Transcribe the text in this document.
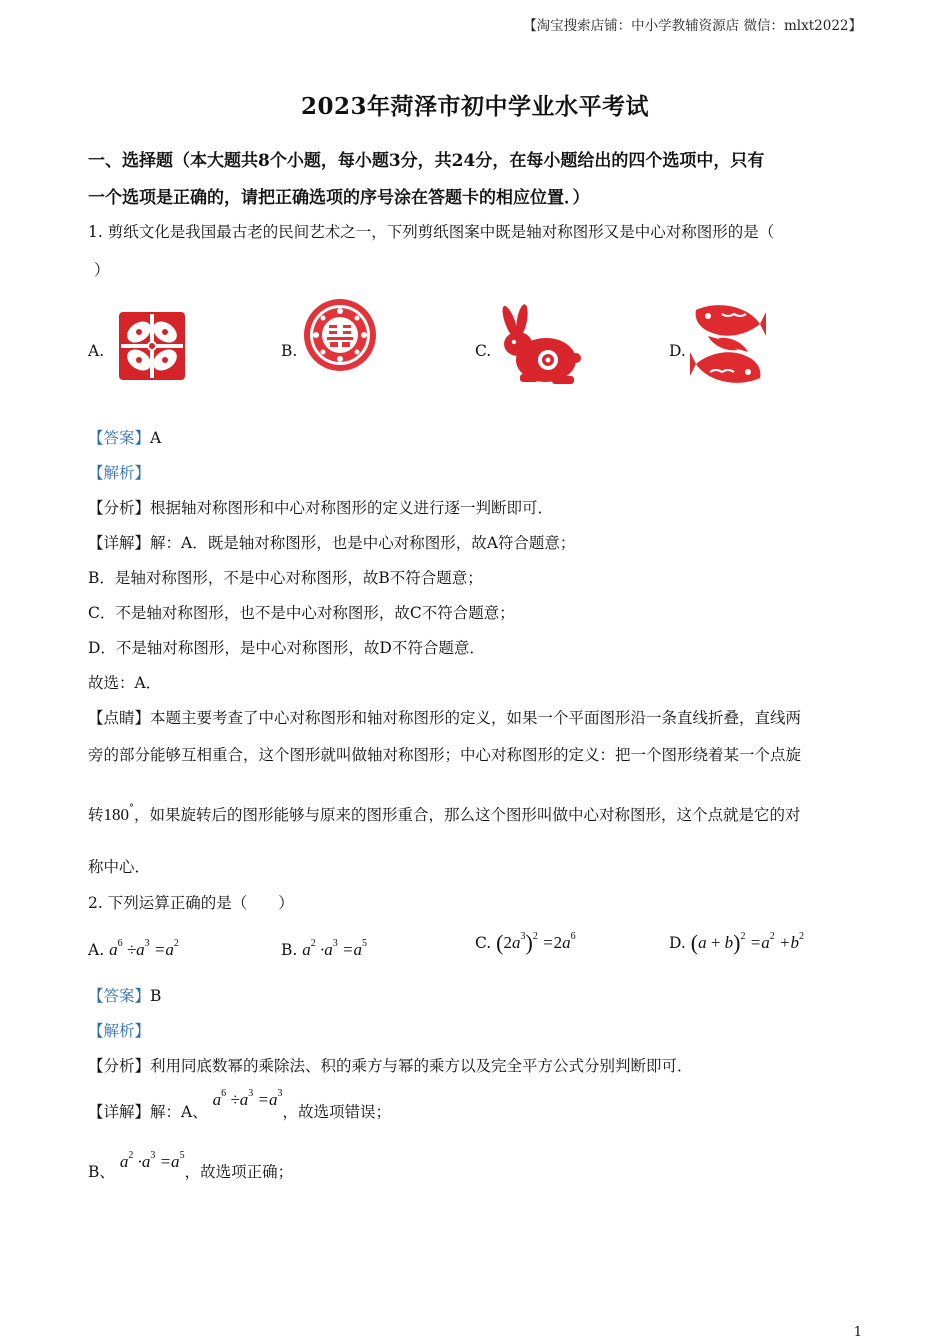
【淘宝搜索店铺：中小学教辅资源店 微信：mlxt2022】
2023年菏泽市初中学业水平考试
一、选择题（本大题共8个小题，每小题3分，共24分，在每小题给出的四个选项中，只有
一个选项是正确的，请把正确选项的序号涂在答题卡的相应位置．）
1. 剪纸文化是我国最古老的民间艺术之一，下列剪纸图案中既是轴对称图形又是中心对称图形的是（
）
A.	B.	C.	D.
【答案】A
【解析】
【分析】根据轴对称图形和中心对称图形的定义进行逐一判断即可．
【详解】解：A．既是轴对称图形，也是中心对称图形，故A符合题意；
B．是轴对称图形，不是中心对称图形，故B不符合题意；
C．不是轴对称图形，也不是中心对称图形，故C不符合题意；
D．不是轴对称图形，是中心对称图形，故D不符合题意．
故选：A．
【点睛】本题主要考查了中心对称图形和轴对称图形的定义，如果一个平面图形沿一条直线折叠，直线两
旁的部分能够互相重合，这个图形就叫做轴对称图形；中心对称图形的定义：把一个图形绕着某一个点旋
转180°，如果旋转后的图形能够与原来的图形重合，那么这个图形叫做中心对称图形，这个点就是它的对
称中心．
2. 下列运算正确的是（　　）
A. $a^6 \div a^3 =a^2$	B. $a^2 \cdot a^3 =a^5$	C. $(2a^3)^2 =2a^6$	D. $(a + b)^2 =a^2 +b^2$
【答案】B
【解析】
【分析】利用同底数幂的乘除法、积的乘方与幂的乘方以及完全平方公式分别判断即可．
【详解】解：A、 $a^6 \div a^3 =a^3$，故选项错误；
B、 $a^2 \cdot a^3 =a^5$，故选项正确；
1
